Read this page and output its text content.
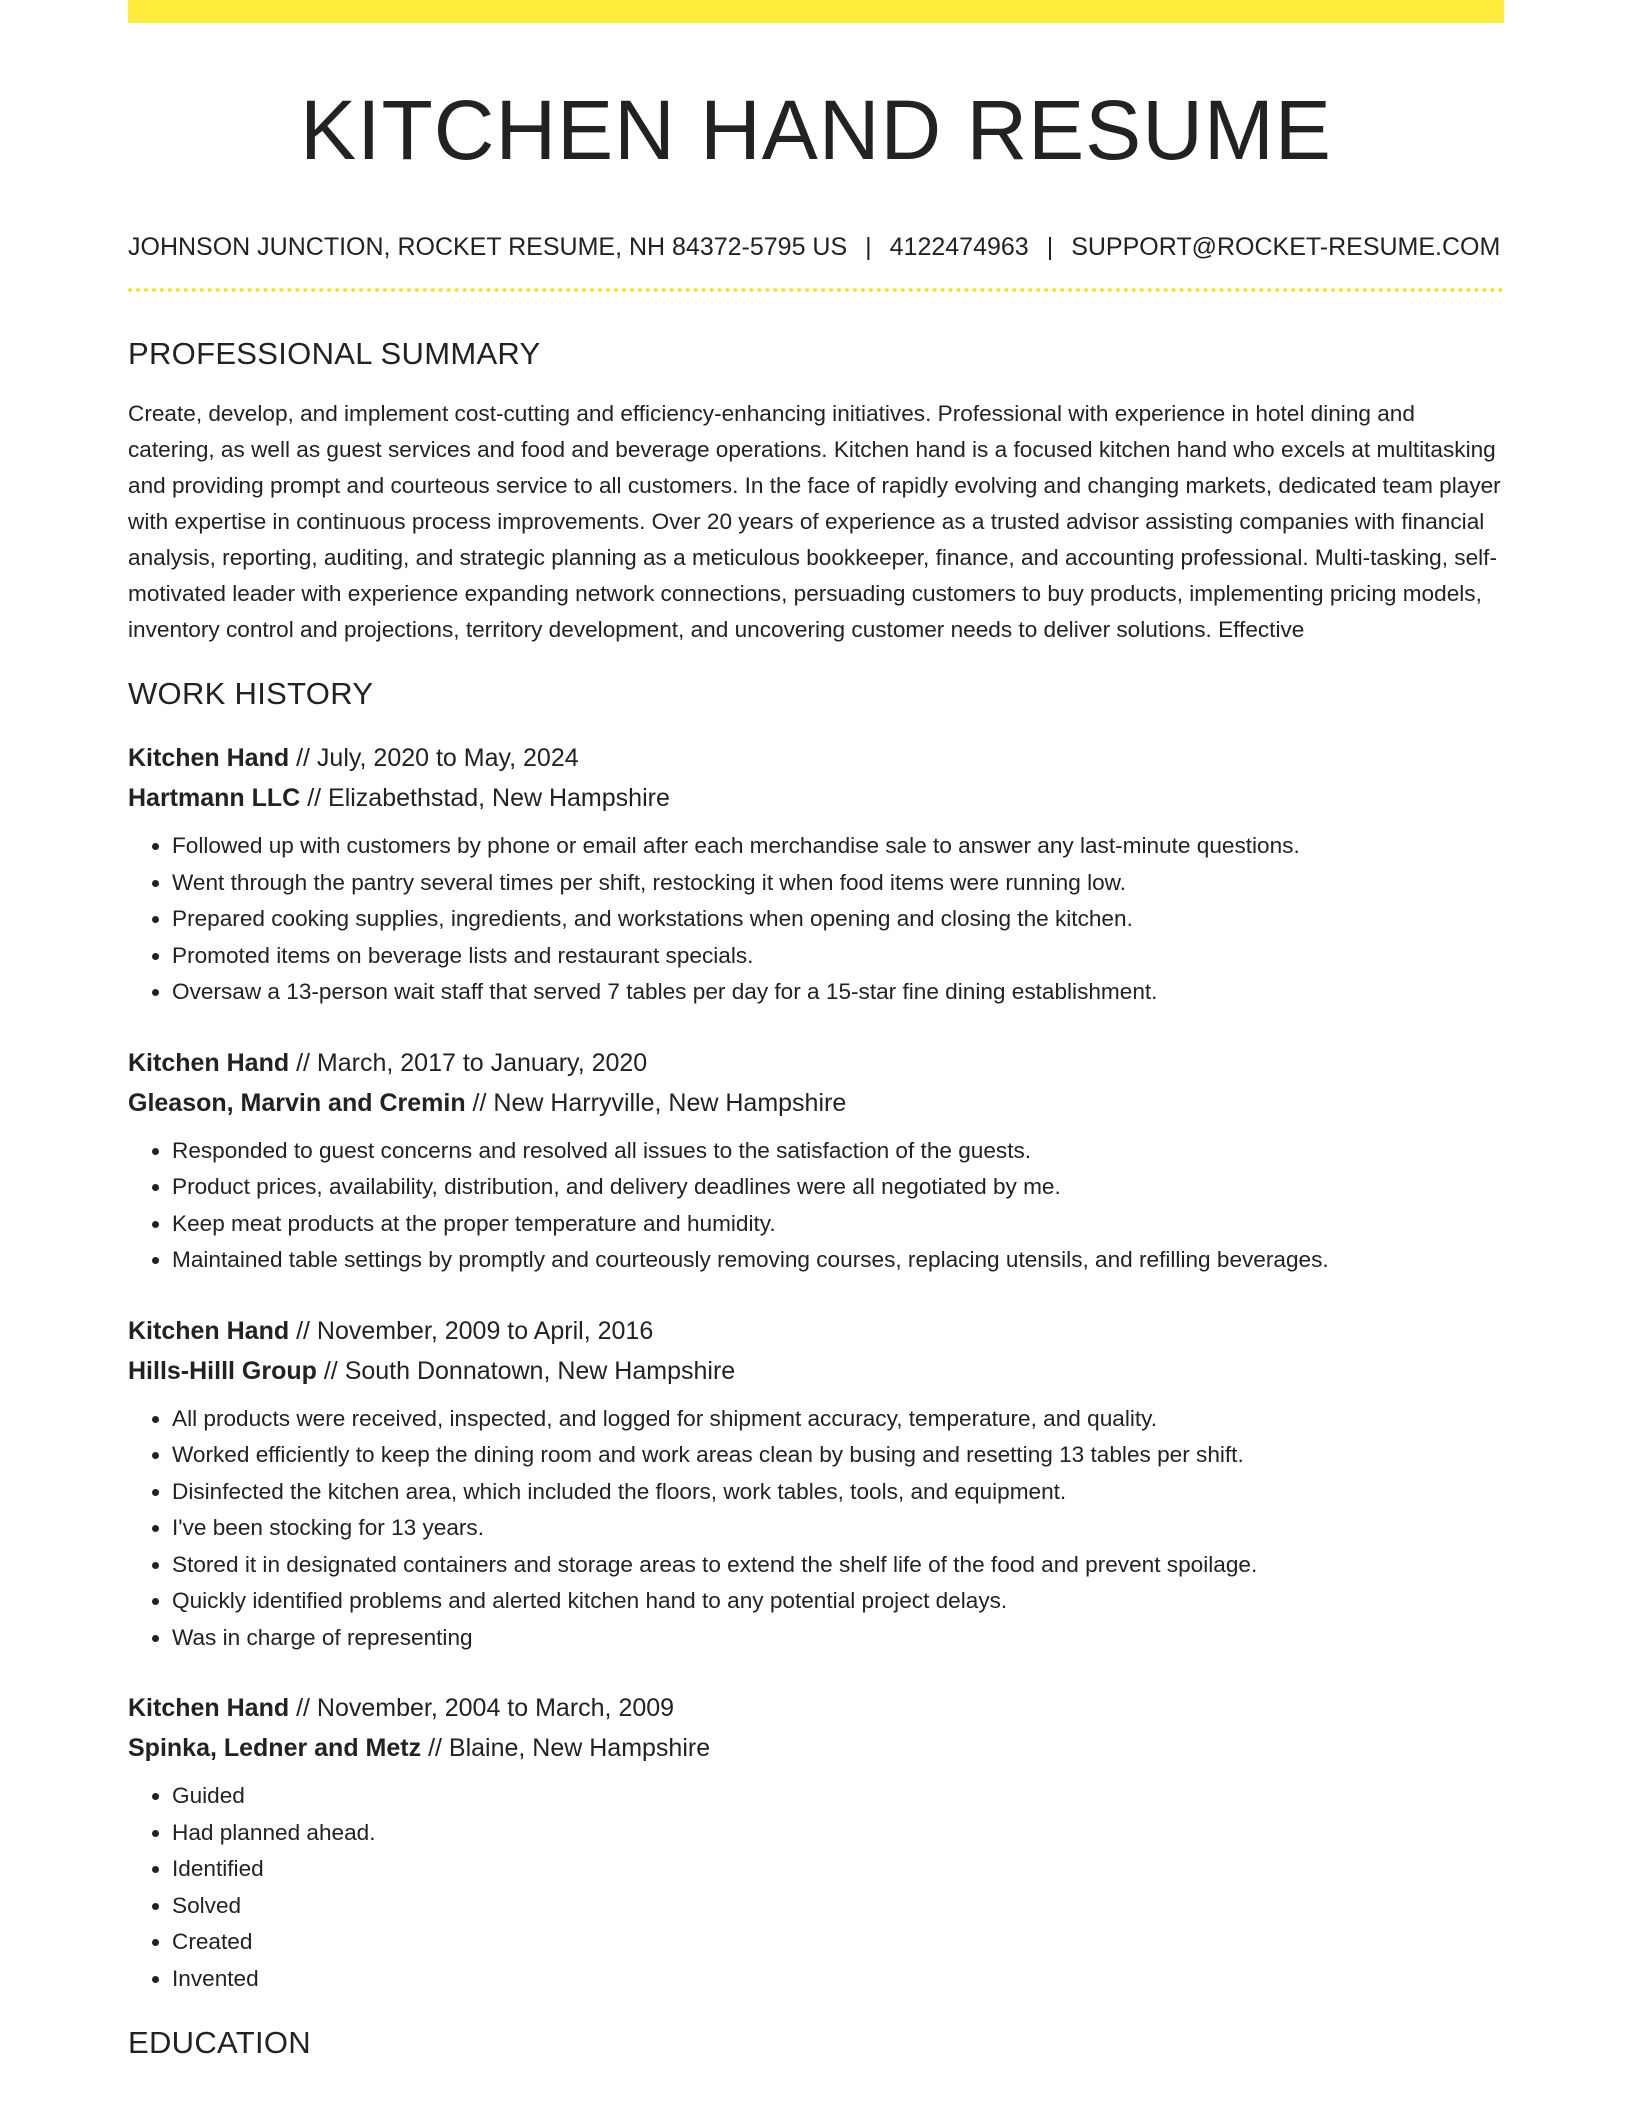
KITCHEN HAND RESUME
JOHNSON JUNCTION, ROCKET RESUME, NH 84372-5795 US | 4122474963 | SUPPORT@ROCKET-RESUME.COM
PROFESSIONAL SUMMARY

Create, develop, and implement cost-cutting and efficiency-enhancing initiatives. Professional with experience in hotel dining and catering, as well as guest services and food and beverage operations. Kitchen hand is a focused kitchen hand who excels at multitasking and providing prompt and courteous service to all customers. In the face of rapidly evolving and changing markets, dedicated team player with expertise in continuous process improvements. Over 20 years of experience as a trusted advisor assisting companies with financial analysis, reporting, auditing, and strategic planning as a meticulous bookkeeper, finance, and accounting professional. Multi-tasking, self-motivated leader with experience expanding network connections, persuading customers to buy products, implementing pricing models, inventory control and projections, territory development, and uncovering customer needs to deliver solutions. Effective

WORK HISTORY
Kitchen Hand // July, 2020 to May, 2024
Hartmann LLC // Elizabethstad, New Hampshire
• Followed up with customers by phone or email after each merchandise sale to answer any last-minute questions.
• Went through the pantry several times per shift, restocking it when food items were running low.
• Prepared cooking supplies, ingredients, and workstations when opening and closing the kitchen.
• Promoted items on beverage lists and restaurant specials.
• Oversaw a 13-person wait staff that served 7 tables per day for a 15-star fine dining establishment.
Kitchen Hand // March, 2017 to January, 2020
Gleason, Marvin and Cremin // New Harryville, New Hampshire
• Responded to guest concerns and resolved all issues to the satisfaction of the guests.
• Product prices, availability, distribution, and delivery deadlines were all negotiated by me.
• Keep meat products at the proper temperature and humidity.
• Maintained table settings by promptly and courteously removing courses, replacing utensils, and refilling beverages.
Kitchen Hand // November, 2009 to April, 2016
Hills-Hilll Group // South Donnatown, New Hampshire
• All products were received, inspected, and logged for shipment accuracy, temperature, and quality.
• Worked efficiently to keep the dining room and work areas clean by busing and resetting 13 tables per shift.
• Disinfected the kitchen area, which included the floors, work tables, tools, and equipment.
• I've been stocking for 13 years.
• Stored it in designated containers and storage areas to extend the shelf life of the food and prevent spoilage.
• Quickly identified problems and alerted kitchen hand to any potential project delays.
• Was in charge of representing
Kitchen Hand // November, 2004 to March, 2009
Spinka, Ledner and Metz // Blaine, New Hampshire
• Guided
• Had planned ahead.
• Identified
• Solved
• Created
• Invented
EDUCATION
